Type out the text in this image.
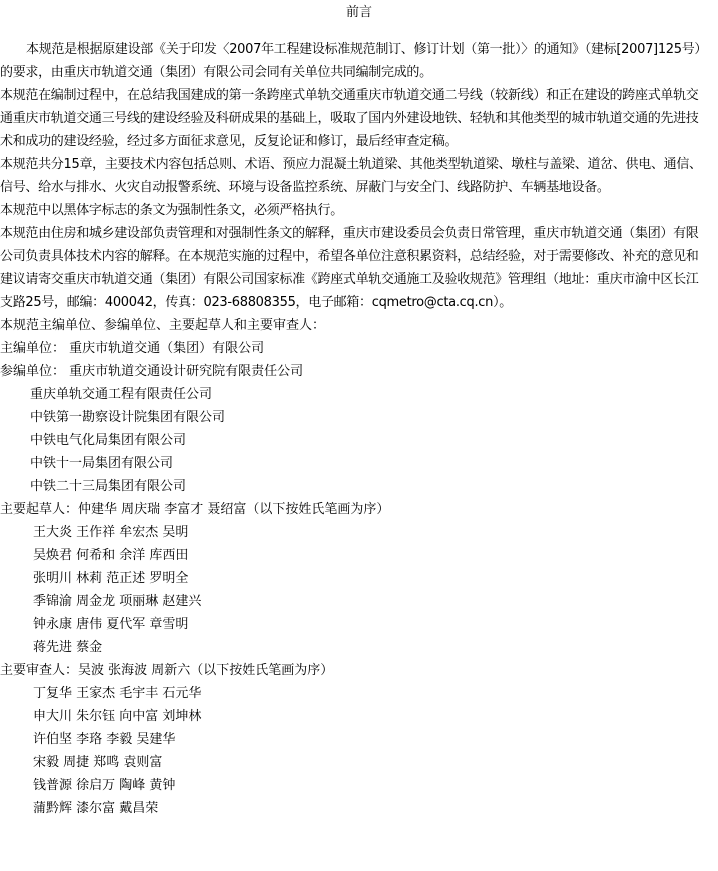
前言

本规范是根据原建设部《关于印发〈2007年工程建设标准规范制订、修订计划（第一批）〉的通知》（建标[2007]125号）的要求，由重庆市轨道交通（集团）有限公司会同有关单位共同编制完成的。

本规范在编制过程中，在总结我国建成的第一条跨座式单轨交通重庆市轨道交通二号线（较新线）和正在建设的跨座式单轨交通重庆市轨道交通三号线的建设经验及科研成果的基础上，吸取了国内外建设地铁、轻轨和其他类型的城市轨道交通的先进技术和成功的建设经验，经过多方面征求意见，反复论证和修订，最后经审查定稿。

本规范共分15章，主要技术内容包括总则、术语、预应力混凝土轨道梁、其他类型轨道梁、墩柱与盖梁、道岔、供电、通信、信号、给水与排水、火灾自动报警系统、环境与设备监控系统、屏蔽门与安全门、线路防护、车辆基地设备。

本规范中以黑体字标志的条文为强制性条文，必须严格执行。

本规范由住房和城乡建设部负责管理和对强制性条文的解释，重庆市建设委员会负责日常管理，重庆市轨道交通（集团）有限公司负责具体技术内容的解释。在本规范实施的过程中，希望各单位注意积累资料，总结经验，对于需要修改、补充的意见和建议请寄交重庆市轨道交通（集团）有限公司国家标准《跨座式单轨交通施工及验收规范》管理组（地址：重庆市渝中区长江支路25号，邮编：400042，传真：023-68808355，电子邮箱：cqmetro@cta.cq.cn）。

本规范主编单位、参编单位、主要起草人和主要审查人：
主编单位： 重庆市轨道交通（集团）有限公司
参编单位： 重庆市轨道交通设计研究院有限责任公司
重庆单轨交通工程有限责任公司
中铁第一勘察设计院集团有限公司
中铁电气化局集团有限公司
中铁十一局集团有限公司
中铁二十三局集团有限公司
主要起草人：仲建华 周庆瑞 李富才 聂绍富（以下按姓氏笔画为序）
王大炎 王作祥 牟宏杰 吴明
吴焕君 何希和 余洋 库西田
张明川 林莉 范正述 罗明全
季锦渝 周金龙 项丽琳 赵建兴
钟永康 唐伟 夏代军 章雪明
蒋先进 蔡金
主要审查人：吴波 张海波 周新六（以下按姓氏笔画为序）
丁复华 王家杰 毛宇丰 石元华
申大川 朱尔钰 向中富 刘坤林
许伯坚 李珞 李毅 吴建华
宋毅 周捷 郑鸣 袁则富
钱普源 徐启万 陶峰 黄钟
蒲黔辉 漆尔富 戴昌荣
